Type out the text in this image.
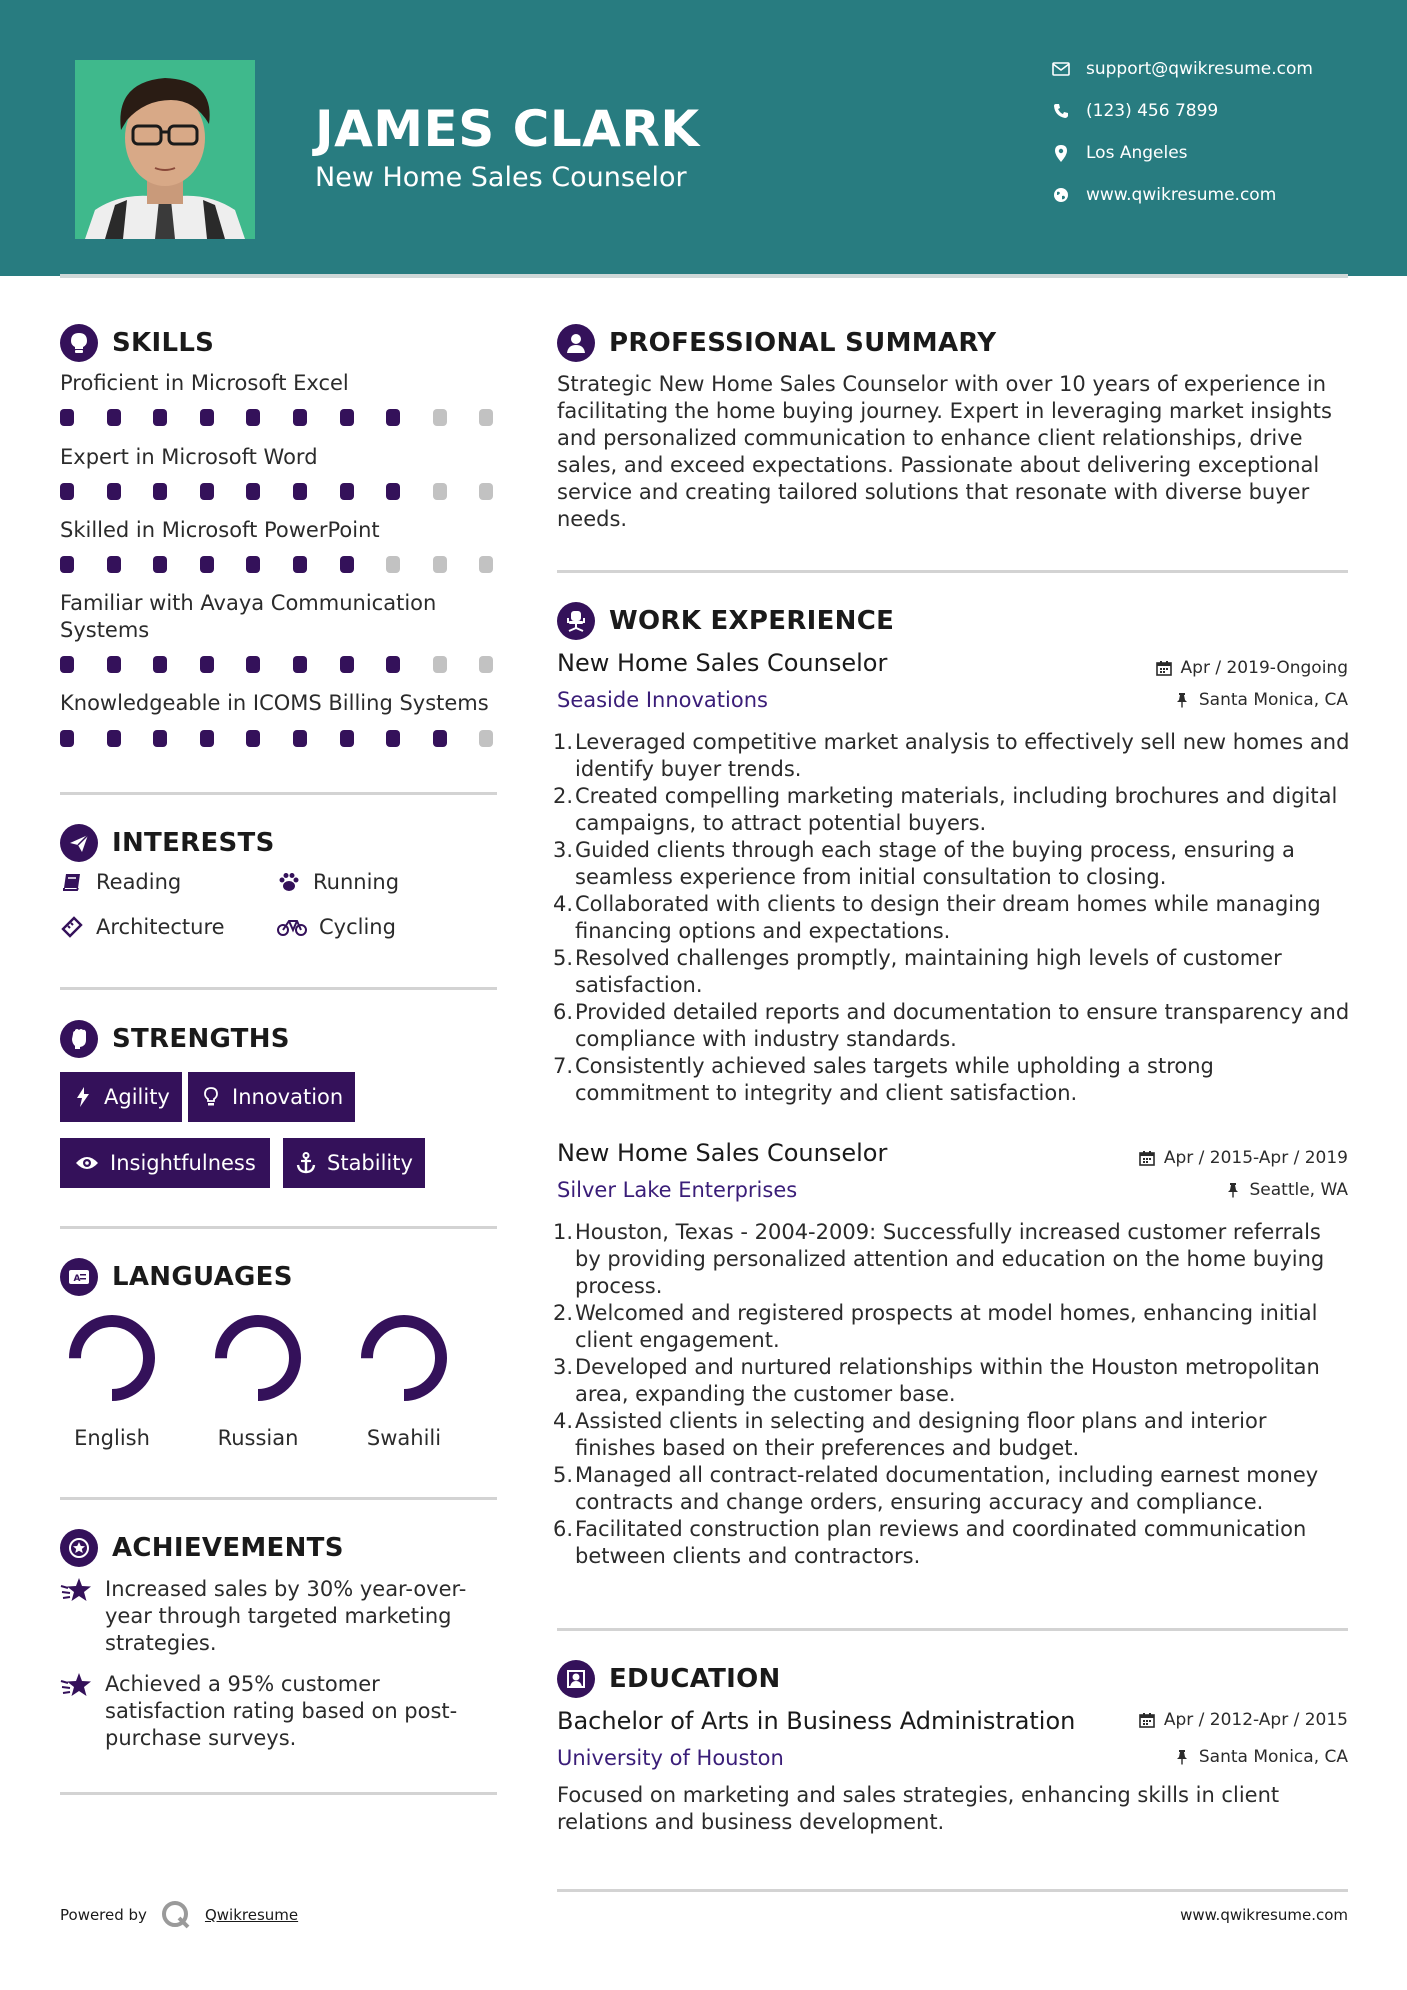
JAMES CLARK
New Home Sales Counselor
support@qwikresume.com
(123) 456 7899
Los Angeles
www.qwikresume.com
SKILLS
Proficient in Microsoft Excel
Expert in Microsoft Word
Skilled in Microsoft PowerPoint
Familiar with Avaya Communication Systems
Knowledgeable in ICOMS Billing Systems
INTERESTS
Reading	Running
Architecture	Cycling
STRENGTHS
Agility	Innovation
Insightfulness	Stability
A LANGUAGES
English	Russian	Swahili
ACHIEVEMENTS
Increased sales by 30% year-over-year through targeted marketing strategies.
Achieved a 95% customer satisfaction rating based on post-purchase surveys.
PROFESSIONAL SUMMARY
Strategic New Home Sales Counselor with over 10 years of experience in facilitating the home buying journey. Expert in leveraging market insights and personalized communication to enhance client relationships, drive sales, and exceed expectations. Passionate about delivering exceptional service and creating tailored solutions that resonate with diverse buyer needs.
WORK EXPERIENCE
New Home Sales Counselor	Apr / 2019-Ongoing
Seaside Innovations	Santa Monica, CA
1. Leveraged competitive market analysis to effectively sell new homes and identify buyer trends.
2. Created compelling marketing materials, including brochures and digital campaigns, to attract potential buyers.
3. Guided clients through each stage of the buying process, ensuring a seamless experience from initial consultation to closing.
4. Collaborated with clients to design their dream homes while managing financing options and expectations.
5. Resolved challenges promptly, maintaining high levels of customer satisfaction.
6. Provided detailed reports and documentation to ensure transparency and compliance with industry standards.
7. Consistently achieved sales targets while upholding a strong commitment to integrity and client satisfaction.
New Home Sales Counselor	Apr / 2015-Apr / 2019
Silver Lake Enterprises	Seattle, WA
1. Houston, Texas - 2004-2009: Successfully increased customer referrals by providing personalized attention and education on the home buying process.
2. Welcomed and registered prospects at model homes, enhancing initial client engagement.
3. Developed and nurtured relationships within the Houston metropolitan area, expanding the customer base.
4. Assisted clients in selecting and designing floor plans and interior finishes based on their preferences and budget.
5. Managed all contract-related documentation, including earnest money contracts and change orders, ensuring accuracy and compliance.
6. Facilitated construction plan reviews and coordinated communication between clients and contractors.
EDUCATION
Bachelor of Arts in Business Administration	Apr / 2012-Apr / 2015
University of Houston	Santa Monica, CA
Focused on marketing and sales strategies, enhancing skills in client relations and business development.
Powered by	Qwikresume	www.qwikresume.com
